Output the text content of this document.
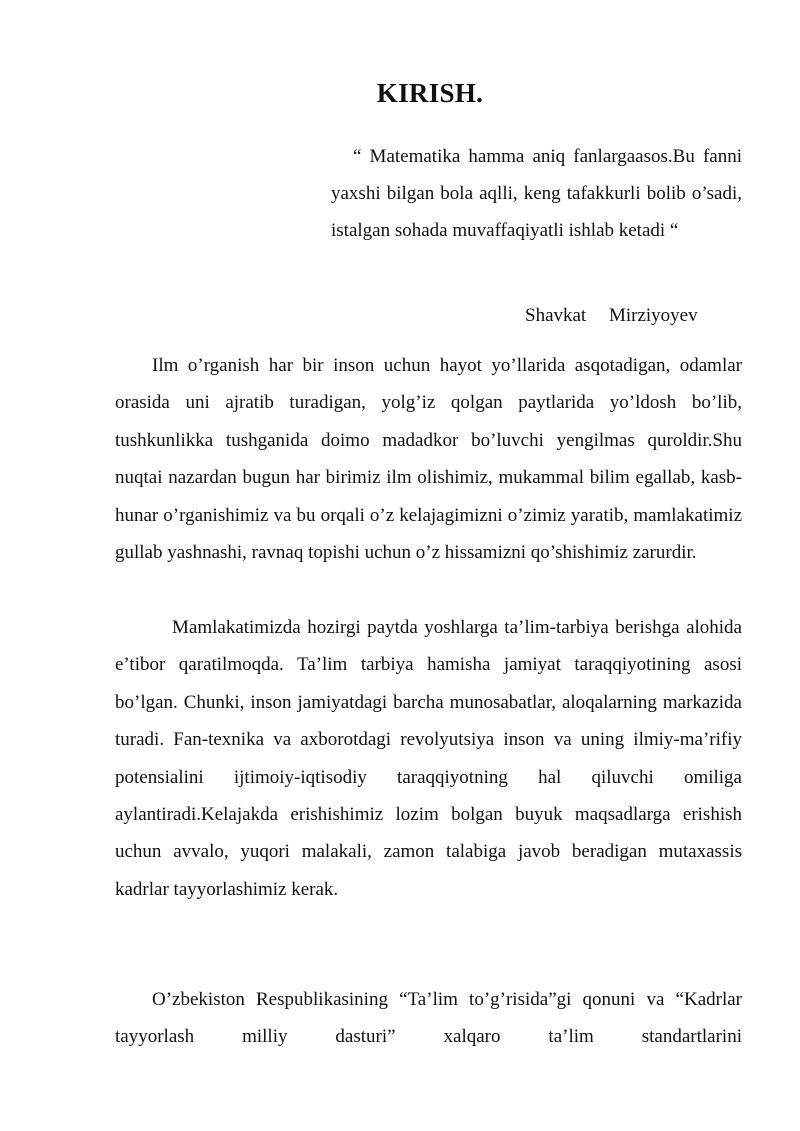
KIRISH.

“ Matematika hamma aniq fanlargaasos.Bu fanni yaxshi bilgan bola aqlli, keng tafakkurli bolib o’sadi, istalgan sohada muvaffaqiyatli ishlab ketadi “

Shavkat Mirziyoyev

Ilm o’rganish har bir inson uchun hayot yo’llarida asqotadigan, odamlar orasida uni ajratib turadigan, yolg’iz qolgan paytlarida yo’ldosh bo’lib, tushkunlikka tushganida doimo madadkor bo’luvchi yengilmas quroldir.Shu nuqtai nazardan bugun har birimiz ilm olishimiz, mukammal bilim egallab, kasb-hunar o’rganishimiz va bu orqali o’z kelajagimizni o’zimiz yaratib, mamlakatimiz gullab yashnashi, ravnaq topishi uchun o’z hissamizni qo’shishimiz zarurdir.

Mamlakatimizda hozirgi paytda yoshlarga ta’lim-tarbiya berishga alohida e’tibor qaratilmoqda. Ta’lim tarbiya hamisha jamiyat taraqqiyotining asosi bo’lgan. Chunki, inson jamiyatdagi barcha munosabatlar, aloqalarning markazida turadi. Fan-texnika va axborotdagi revolyutsiya inson va uning ilmiy-ma’rifiy potensialini ijtimoiy-iqtisodiy taraqqiyotning hal qiluvchi omiliga aylantiradi.Kelajakda erishishimiz lozim bolgan buyuk maqsadlarga erishish uchun avvalo, yuqori malakali, zamon talabiga javob beradigan mutaxassis kadrlar tayyorlashimiz kerak.

O’zbekiston Respublikasining “Ta’lim to’g’risida”gi qonuni va “Kadrlar tayyorlash milliy dasturi” xalqaro ta’lim standartlarini
